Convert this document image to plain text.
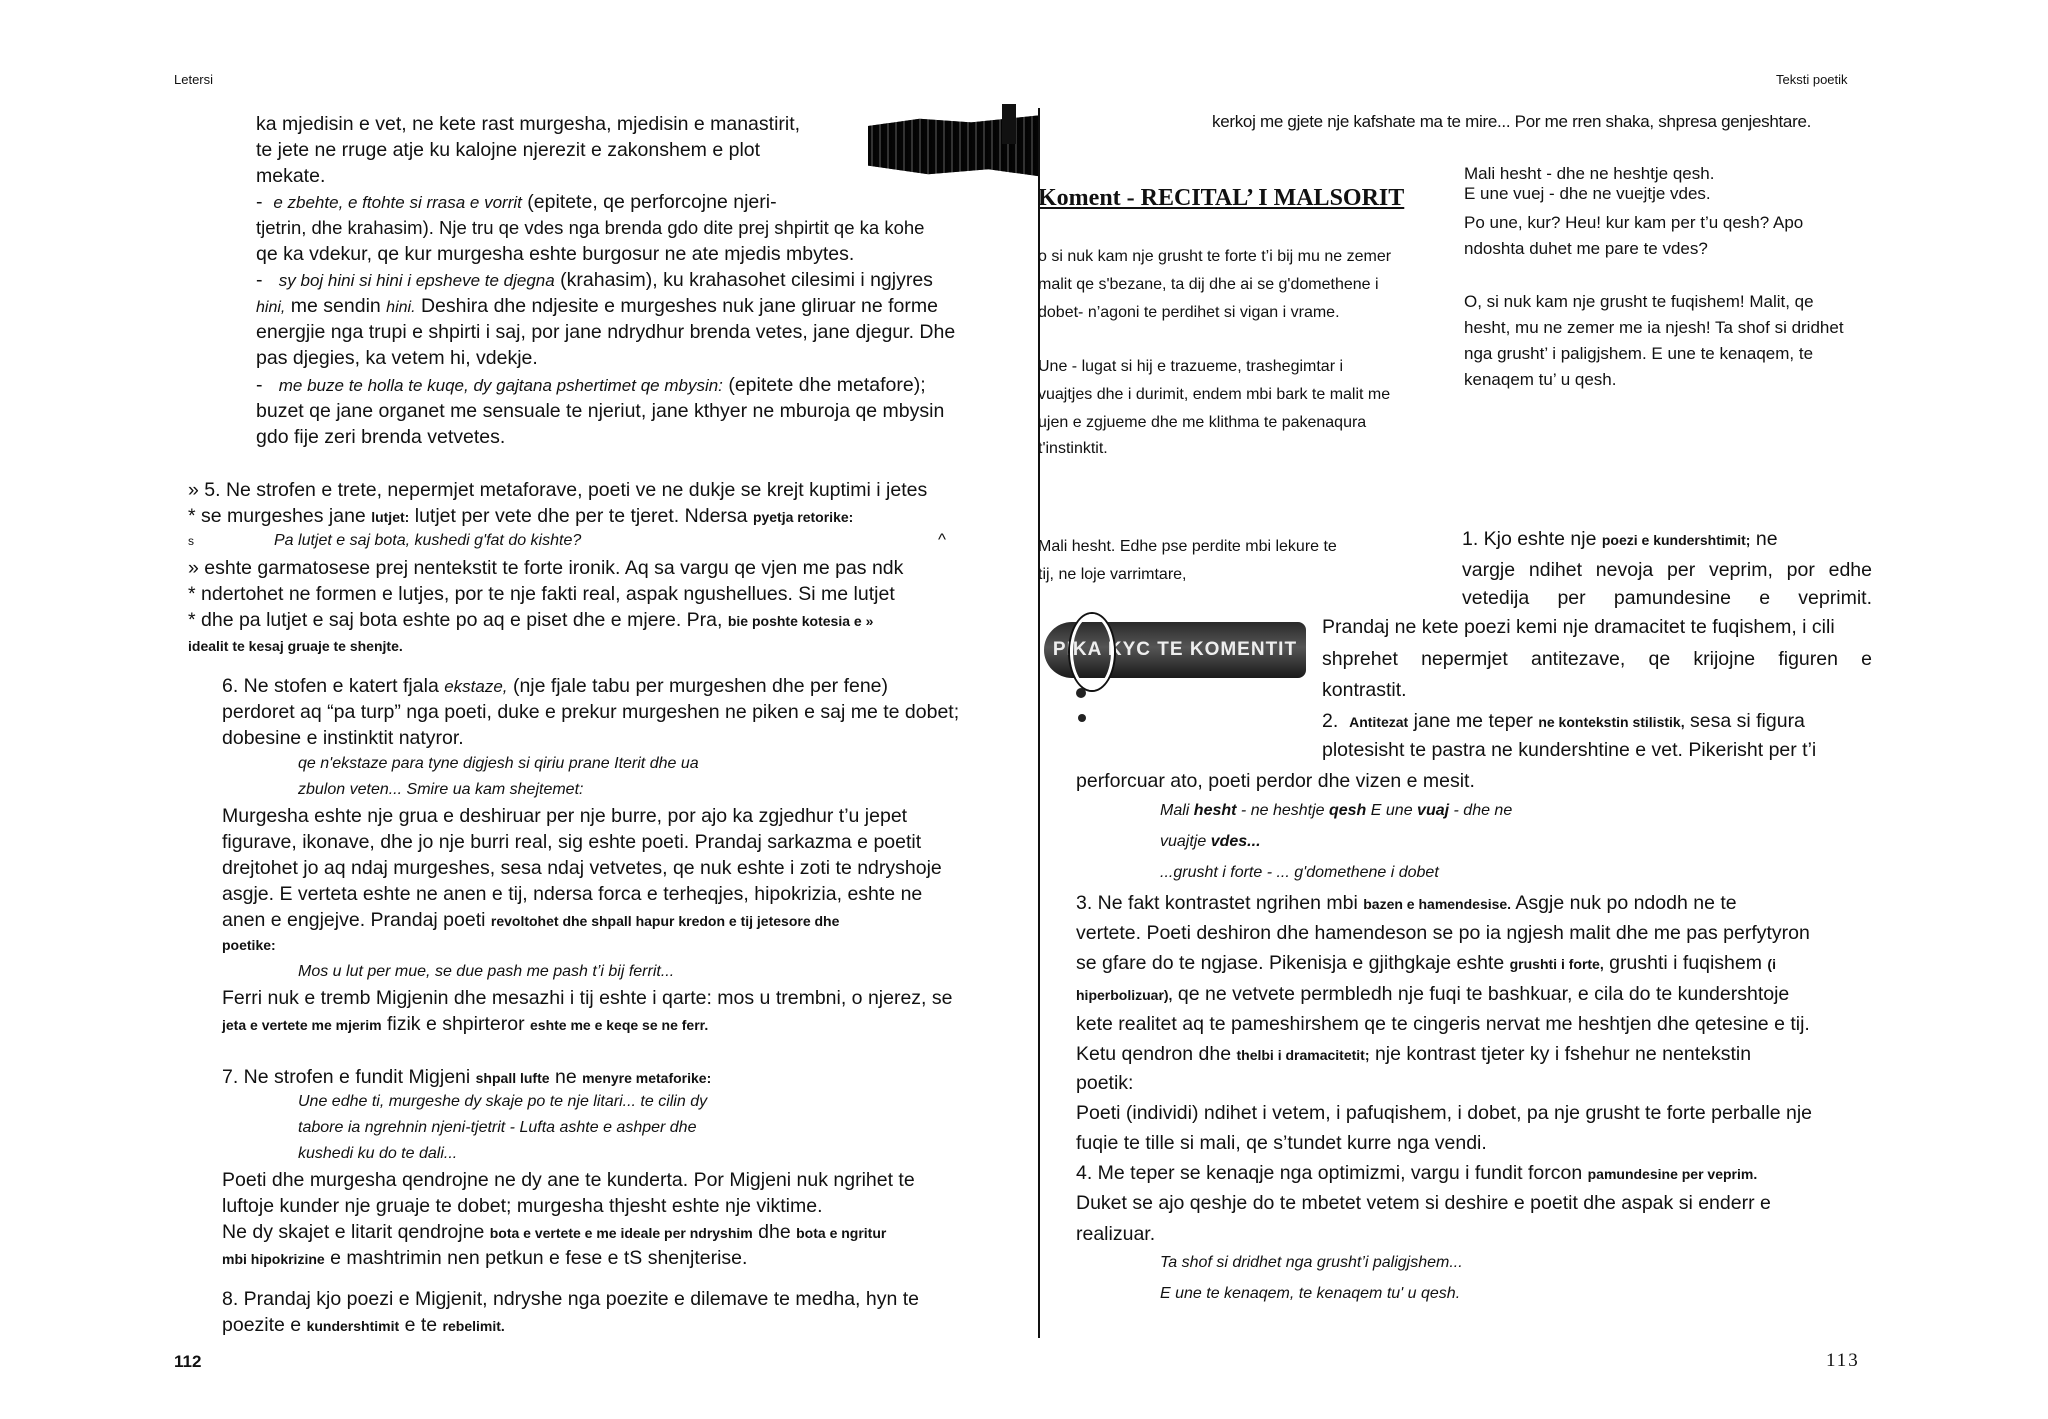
Letersi	Teksti poetik
ka mjedisin e vet, ne kete rast murgesha, mjedisin e manastirit,
te jete ne rruge atje ku kalojne njerezit e zakonshem e plot
mekate.
- e zbehte, e ftohte si rrasa e vorrit (epitete, qe perforcojne njeri-
tjetrin, dhe krahasim). Nje tru qe vdes nga brenda gdo dite prej shpirtit qe ka kohe
qe ka vdekur, qe kur murgesha eshte burgosur ne ate mjedis mbytes.
- sy boj hini si hini i epsheve te djegna (krahasim), ku krahasohet cilesimi i ngjyres
hini, me sendin hini. Deshira dhe ndjesite e murgeshes nuk jane gliruar ne forme
energjie nga trupi e shpirti i saj, por jane ndrydhur brenda vetes, jane djegur. Dhe
pas djegies, ka vetem hi, vdekje.
- me buze te holla te kuqe, dy gajtana pshertimet qe mbysin: (epitete dhe metafore);
buzet qe jane organet me sensuale te njeriut, jane kthyer ne mburoja qe mbysin
gdo fije zeri brenda vetvetes.
» 5. Ne strofen e trete, nepermjet metaforave, poeti ve ne dukje se krejt kuptimi i jetes
* se murgeshes jane lutjet: lutjet per vete dhe per te tjeret. Ndersa pyetja retorike:
s	Pa lutjet e saj bota, kushedi g'fat do kishte?	^
» eshte garmatosese prej nentekstit te forte ironik. Aq sa vargu qe vjen me pas ndk
* ndertohet ne formen e lutjes, por te nje fakti real, aspak ngushellues. Si me lutjet
* dhe pa lutjet e saj bota eshte po aq e piset dhe e mjere. Pra, bie poshte kotesia e »
idealit te kesaj gruaje te shenjte.
6. Ne stofen e katert fjala ekstaze, (nje fjale tabu per murgeshen dhe per fene)
perdoret aq “pa turp” nga poeti, duke e prekur murgeshen ne piken e saj me te dobet;
dobesine e instinktit natyror.
qe n'ekstaze para tyne digjesh si qiriu prane Iterit dhe ua
zbulon veten... Smire ua kam shejtemet:
Murgesha eshte nje grua e deshiruar per nje burre, por ajo ka zgjedhur t’u jepet
figurave, ikonave, dhe jo nje burri real, sig eshte poeti. Prandaj sarkazma e poetit
drejtohet jo aq ndaj murgeshes, sesa ndaj vetvetes, qe nuk eshte i zoti te ndryshoje
asgje. E verteta eshte ne anen e tij, ndersa forca e terheqjes, hipokrizia, eshte ne
anen e engjejve. Prandaj poeti revoltohet dhe shpall hapur kredon e tij jetesore dhe
poetike:
Mos u lut per mue, se due pash me pash t’i bij ferrit...
Ferri nuk e tremb Migjenin dhe mesazhi i tij eshte i qarte: mos u trembni, o njerez, se
jeta e vertete me mjerim fizik e shpirteror eshte me e keqe se ne ferr.
7. Ne strofen e fundit Migjeni shpall lufte ne menyre metaforike:
Une edhe ti, murgeshe dy skaje po te nje litari... te cilin dy
tabore ia ngrehnin njeni-tjetrit - Lufta ashte e ashper dhe
kushedi ku do te dali...
Poeti dhe murgesha qendrojne ne dy ane te kunderta. Por Migjeni nuk ngrihet te
luftoje kunder nje gruaje te dobet; murgesha thjesht eshte nje viktime.
Ne dy skajet e litarit qendrojne bota e vertete e me ideale per ndryshim dhe bota e ngritur
mbi hipokrizine e mashtrimin nen petkun e fese e tS shenjterise.
8. Prandaj kjo poezi e Migjenit, ndryshe nga poezite e dilemave te medha, hyn te
poezite e kundershtimit e te rebelimit.
112
kerkoj me gjete nje kafshate ma te mire... Por me rren shaka, shpresa genjeshtare.
Mali hesht - dhe ne heshtje qesh.
E une vuej - dhe ne vuejtje vdes.
Po une, kur? Heu! kur kam per t’u qesh? Apo
ndoshta duhet me pare te vdes?
O, si nuk kam nje grusht te fuqishem! Malit, qe
hesht, mu ne zemer me ia njesh! Ta shof si dridhet
nga grusht’ i paligjshem. E une te kenaqem, te
kenaqem tu’ u qesh.
Koment - RECITAL’ I MALSORIT
o si nuk kam nje grusht te forte t’i bij mu ne zemer
malit qe s'bezane, ta dij dhe ai se g'domethene i
dobet- n’agoni te perdihet si vigan i vrame.
Une - lugat si hij e trazueme, trashegimtar i
vuajtjes dhe i durimit, endem mbi bark te malit me
ujen e zgjueme dhe me klithma te pakenaqura
t'instinktit.
Mali hesht. Edhe pse perdite mbi lekure te
tij, ne loje varrimtare,
PIKA KYC TE KOMENTIT
1. Kjo eshte nje poezi e kundershtimit; ne
vargje ndihet nevoja per veprim, por edhe
vetedija per pamundesine e veprimit.
Prandaj ne kete poezi kemi nje dramacitet te fuqishem, i cili
shprehet nepermjet antitezave, qe krijojne figuren e
kontrastit.
2. Antitezat jane me teper ne kontekstin stilistik, sesa si figura
plotesisht te pastra ne kundershtine e vet. Pikerisht per t’i
perforcuar ato, poeti perdor dhe vizen e mesit.
Mali hesht - ne heshtje qesh E une vuaj - dhe ne
vuajtje vdes...
...grusht i forte - ... g'domethene i dobet
3. Ne fakt kontrastet ngrihen mbi bazen e hamendesise. Asgje nuk po ndodh ne te
vertete. Poeti deshiron dhe hamendeson se po ia ngjesh malit dhe me pas perfytyron
se gfare do te ngjase. Pikenisja e gjithgkaje eshte grushti i forte, grushti i fuqishem (i
hiperbolizuar), qe ne vetvete permbledh nje fuqi te bashkuar, e cila do te kundershtoje
kete realitet aq te pameshirshem qe te cingeris nervat me heshtjen dhe qetesine e tij.
Ketu qendron dhe thelbi i dramacitetit; nje kontrast tjeter ky i fshehur ne nentekstin
poetik:
Poeti (individi) ndihet i vetem, i pafuqishem, i dobet, pa nje grusht te forte perballe nje
fuqie te tille si mali, qe s’tundet kurre nga vendi.
4. Me teper se kenaqje nga optimizmi, vargu i fundit forcon pamundesine per veprim.
Duket se ajo qeshje do te mbetet vetem si deshire e poetit dhe aspak si enderr e
realizuar.
Ta shof si dridhet nga grusht’i paligjshem...
E une te kenaqem, te kenaqem tu' u qesh.
113
